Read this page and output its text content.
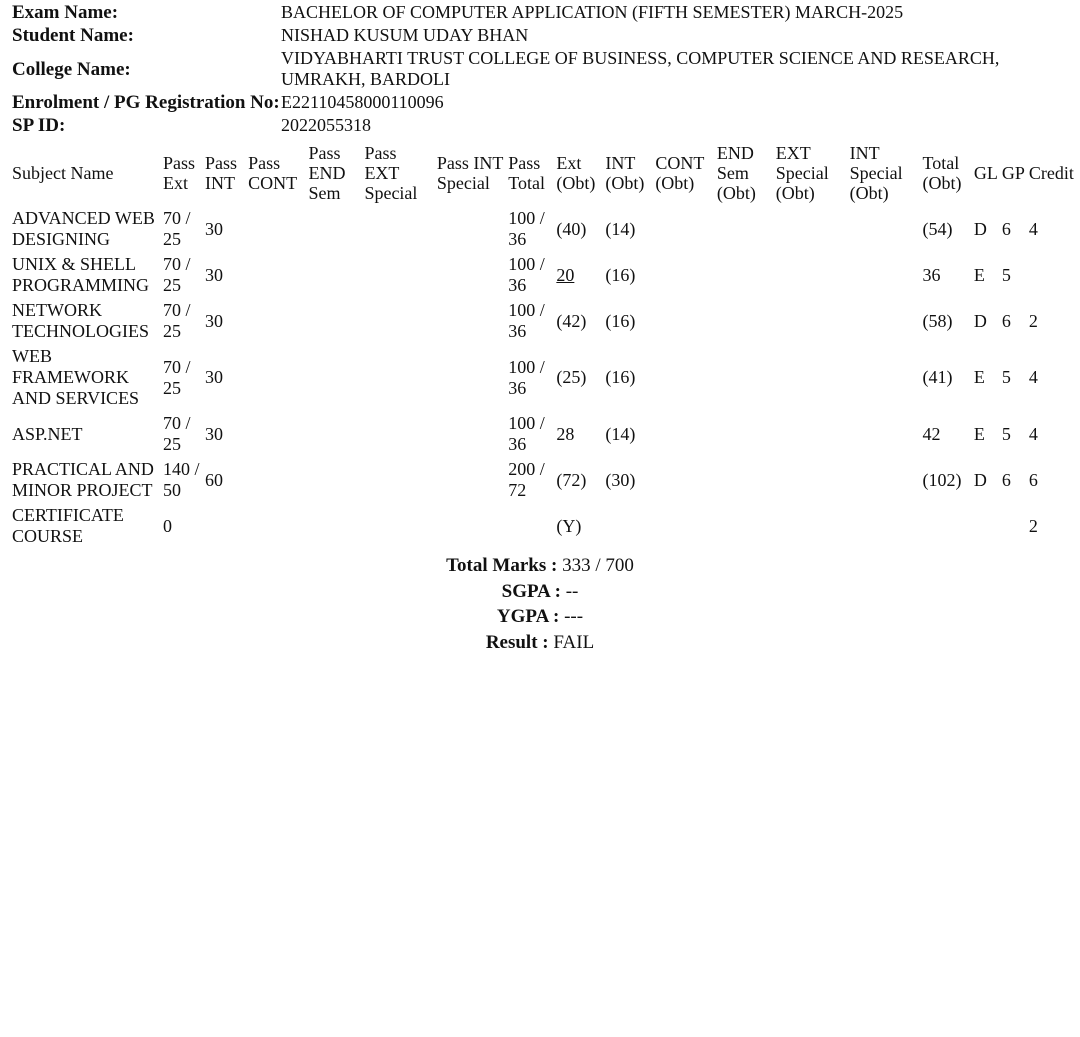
Exam Name:	BACHELOR OF COMPUTER APPLICATION (FIFTH SEMESTER) MARCH-2025
Student Name:	NISHAD KUSUM UDAY BHAN
College Name:	VIDYABHARTI TRUST COLLEGE OF BUSINESS, COMPUTER SCIENCE AND RESEARCH, UMRAKH, BARDOLI
Enrolment / PG Registration No:	E22110458000110096
SP ID:	2022055318
Subject Name	Pass Ext	Pass INT	Pass CONT	Pass END Sem	Pass EXT Special	Pass INT Special	Pass Total	Ext (Obt)	INT (Obt)	CONT (Obt)	END Sem (Obt)	EXT Special (Obt)	INT Special (Obt)	Total (Obt)	GL	GP	Credit
ADVANCED WEB DESIGNING	70 / 25	30					100 / 36	(40)	(14)					(54)	D	6	4
UNIX & SHELL PROGRAMMING	70 / 25	30					100 / 36	20	(16)					36	E	5	
NETWORK TECHNOLOGIES	70 / 25	30					100 / 36	(42)	(16)					(58)	D	6	2
WEB FRAMEWORK AND SERVICES	70 / 25	30					100 / 36	(25)	(16)					(41)	E	5	4
ASP.NET	70 / 25	30					100 / 36	28	(14)					42	E	5	4
PRACTICAL AND MINOR PROJECT	140 / 50	60					200 / 72	(72)	(30)					(102)	D	6	6
CERTIFICATE COURSE	0							(Y)									2
Total Marks : 333 / 700
SGPA : --
YGPA : ---
Result : FAIL
